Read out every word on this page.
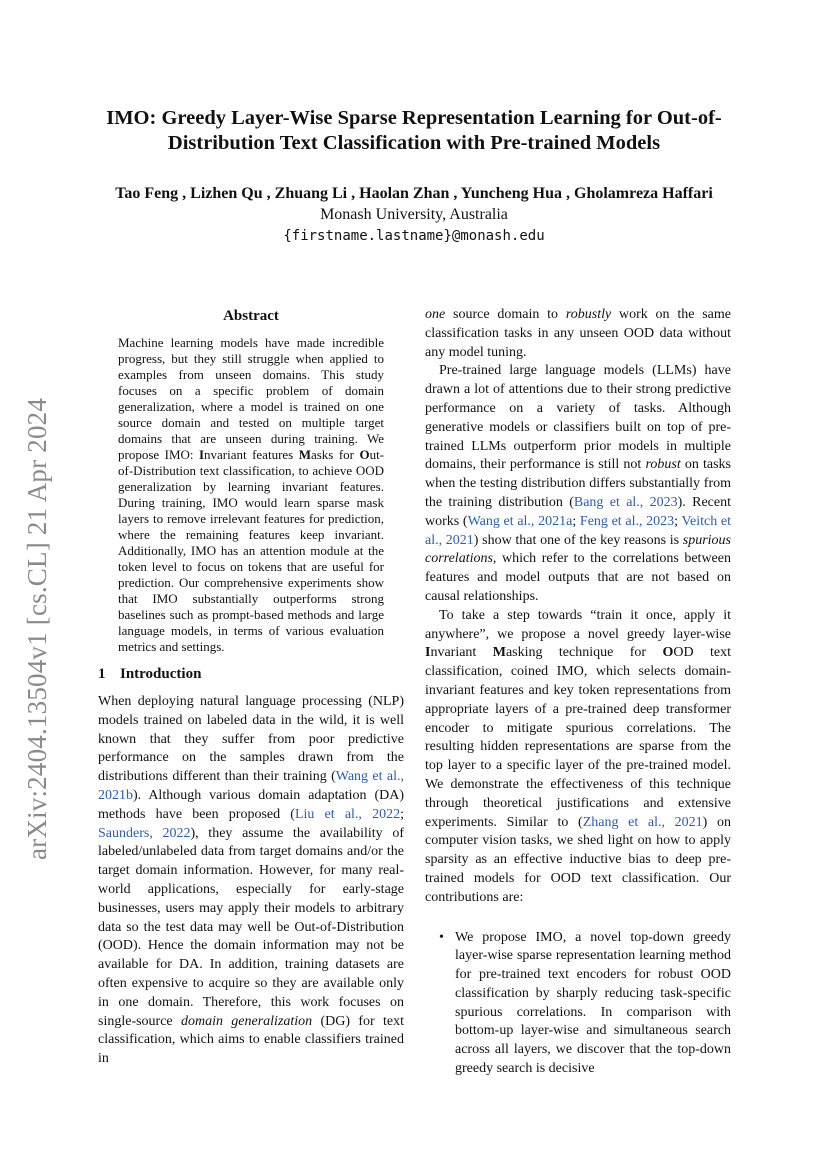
arXiv:2404.13504v1 [cs.CL] 21 Apr 2024
IMO: Greedy Layer-Wise Sparse Representation Learning for Out-of-Distribution Text Classification with Pre-trained Models
Tao Feng , Lizhen Qu , Zhuang Li , Haolan Zhan , Yuncheng Hua , Gholamreza Haffari
Monash University, Australia
{firstname.lastname}@monash.edu
Abstract
Machine learning models have made incredible progress, but they still struggle when applied to examples from unseen domains. This study focuses on a specific problem of domain generalization, where a model is trained on one source domain and tested on multiple target domains that are unseen during training. We propose IMO: Invariant features Masks for Out-of-Distribution text classification, to achieve OOD generalization by learning invariant features. During training, IMO would learn sparse mask layers to remove irrelevant features for prediction, where the remaining features keep invariant. Additionally, IMO has an attention module at the token level to focus on tokens that are useful for prediction. Our comprehensive experiments show that IMO substantially outperforms strong baselines such as prompt-based methods and large language models, in terms of various evaluation metrics and settings.
1 Introduction

When deploying natural language processing (NLP) models trained on labeled data in the wild, it is well known that they suffer from poor predictive performance on the samples drawn from the distributions different than their training (Wang et al., 2021b). Although various domain adaptation (DA) methods have been proposed (Liu et al., 2022; Saunders, 2022), they assume the availability of labeled/unlabeled data from target domains and/or the target domain information. However, for many real-world applications, especially for early-stage businesses, users may apply their models to arbitrary data so the test data may well be Out-of-Distribution (OOD). Hence the domain information may not be available for DA. In addition, training datasets are often expensive to acquire so they are available only in one domain. Therefore, this work focuses on single-source domain generalization (DG) for text classification, which aims to enable classifiers trained in

one source domain to robustly work on the same classification tasks in any unseen OOD data without any model tuning.

Pre-trained large language models (LLMs) have drawn a lot of attentions due to their strong predictive performance on a variety of tasks. Although generative models or classifiers built on top of pre-trained LLMs outperform prior models in multiple domains, their performance is still not robust on tasks when the testing distribution differs substantially from the training distribution (Bang et al., 2023). Recent works (Wang et al., 2021a; Feng et al., 2023; Veitch et al., 2021) show that one of the key reasons is spurious correlations, which refer to the correlations between features and model outputs that are not based on causal relationships.

To take a step towards “train it once, apply it anywhere”, we propose a novel greedy layer-wise Invariant Masking technique for OOD text classification, coined IMO, which selects domain-invariant features and key token representations from appropriate layers of a pre-trained deep transformer encoder to mitigate spurious correlations. The resulting hidden representations are sparse from the top layer to a specific layer of the pre-trained model. We demonstrate the effectiveness of this technique through theoretical justifications and extensive experiments. Similar to (Zhang et al., 2021) on computer vision tasks, we shed light on how to apply sparsity as an effective inductive bias to deep pre-trained models for OOD text classification. Our contributions are:

• We propose IMO, a novel top-down greedy layer-wise sparse representation learning method for pre-trained text encoders for robust OOD classification by sharply reducing task-specific spurious correlations. In comparison with bottom-up layer-wise and simultaneous search across all layers, we discover that the top-down greedy search is decisive
